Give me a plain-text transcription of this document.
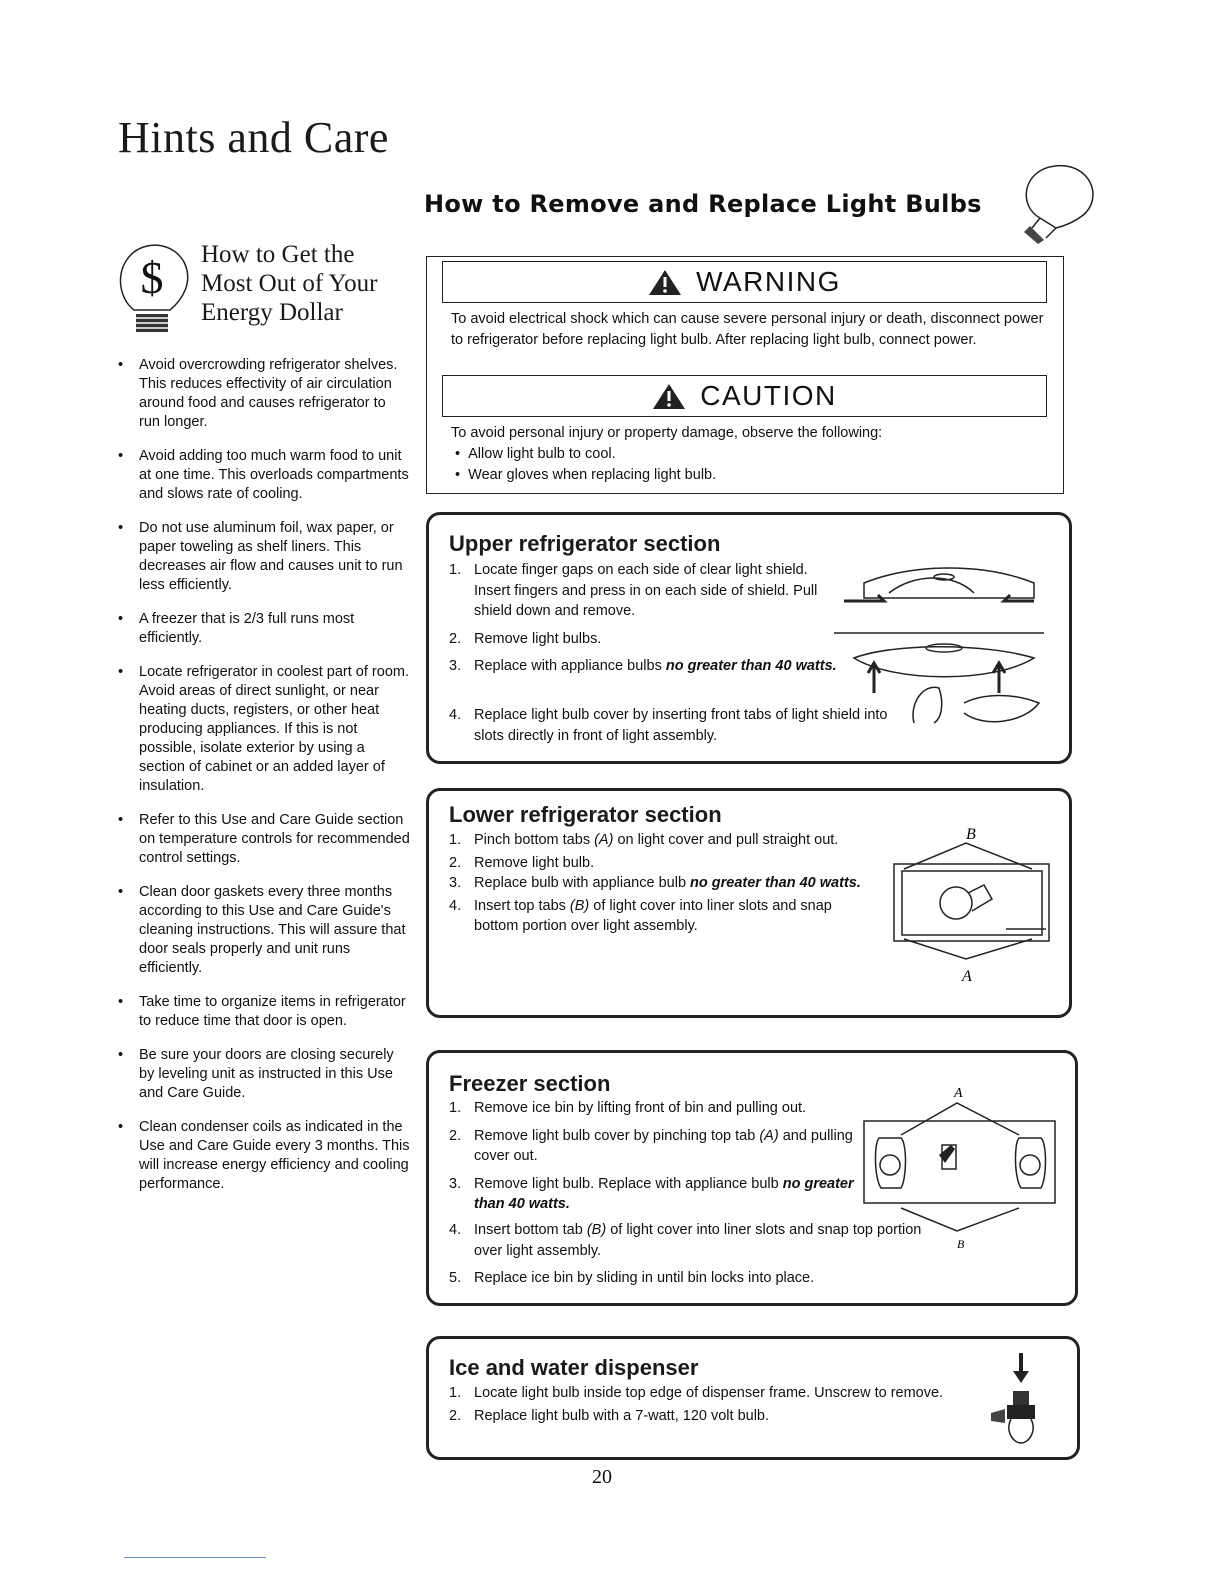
Hints and Care
How to Remove and Replace Light Bulbs
$ How to Get the Most Out of Your Energy Dollar
• Avoid overcrowding refrigerator shelves. This reduces effectivity of air circulation around food and causes refrigerator to run longer.
• Avoid adding too much warm food to unit at one time. This overloads compartments and slows rate of cooling.
• Do not use aluminum foil, wax paper, or paper toweling as shelf liners. This decreases air flow and causes unit to run less efficiently.
• A freezer that is 2/3 full runs most efficiently.
• Locate refrigerator in coolest part of room. Avoid areas of direct sunlight, or near heating ducts, registers, or other heat producing appliances. If this is not possible, isolate exterior by using a section of cabinet or an added layer of insulation.
• Refer to this Use and Care Guide section on temperature controls for recommended control settings.
• Clean door gaskets every three months according to this Use and Care Guide's cleaning instructions. This will assure that door seals properly and unit runs efficiently.
• Take time to organize items in refrigerator to reduce time that door is open.
• Be sure your doors are closing securely by leveling unit as instructed in this Use and Care Guide.
• Clean condenser coils as indicated in the Use and Care Guide every 3 months. This will increase energy efficiency and cooling performance.
WARNING
To avoid electrical shock which can cause severe personal injury or death, disconnect power to refrigerator before replacing light bulb. After replacing light bulb, connect power.
CAUTION
To avoid personal injury or property damage, observe the following:
•  Allow light bulb to cool.
•  Wear gloves when replacing light bulb.
Upper refrigerator section
1. Locate finger gaps on each side of clear light shield. Insert fingers and press in on each side of shield. Pull shield down and remove.
2. Remove light bulbs.
3. Replace with appliance bulbs no greater than 40 watts.
4. Replace light bulb cover by inserting front tabs of light shield into slots directly in front of light assembly.
Lower refrigerator section
1. Pinch bottom tabs (A) on light cover and pull straight out.
2. Remove light bulb.
3. Replace bulb with appliance bulb no greater than 40 watts.
4. Insert top tabs (B) of light cover into liner slots and snap bottom portion over light assembly.
B
A
Freezer section
1. Remove ice bin by lifting front of bin and pulling out.
2. Remove light bulb cover by pinching top tab (A) and pulling cover out.
3. Remove light bulb. Replace with appliance bulb no greater than 40 watts.
4. Insert bottom tab (B) of light cover into liner slots and snap top portion over light assembly.
5. Replace ice bin by sliding in until bin locks into place.
A
B
Ice and water dispenser
1. Locate light bulb inside top edge of dispenser frame. Unscrew to remove.
2. Replace light bulb with a 7-watt, 120 volt bulb.
20
